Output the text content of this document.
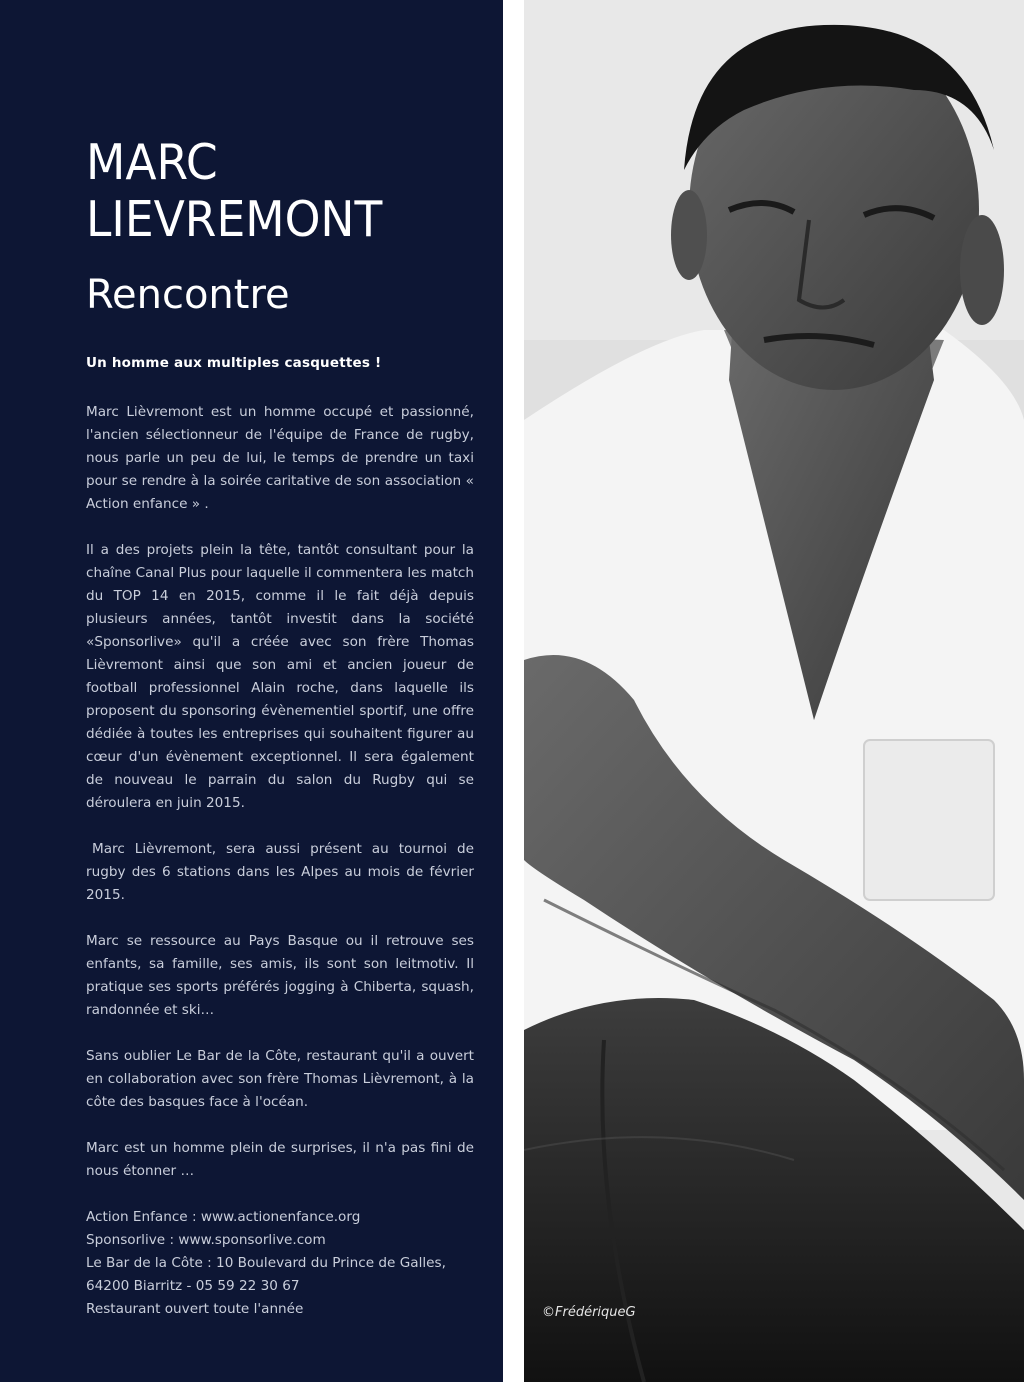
MARC
LIEVREMONT
Rencontre

Un homme aux multiples casquettes !

Marc Lièvremont est un homme occupé et passionné, l'ancien sélectionneur de l'équipe de France de rugby, nous parle un peu de lui, le temps de prendre un taxi pour se rendre à la soirée caritative de son association « Action enfance » .

Il a des projets plein la tête, tantôt consultant pour la chaîne Canal Plus pour laquelle il commentera les match du TOP 14 en 2015, comme il le fait déjà depuis plusieurs années, tantôt investit dans la société «Sponsorlive» qu'il a créée avec son frère Thomas Lièvremont ainsi que son ami et ancien joueur de football professionnel Alain roche, dans laquelle ils proposent du sponsoring évènementiel sportif, une offre dédiée à toutes les entreprises qui souhaitent figurer au cœur d'un évènement exceptionnel. Il sera également de nouveau le parrain du salon du Rugby qui se déroulera en juin 2015.

Marc Lièvremont, sera aussi présent au tournoi de rugby des 6 stations dans les Alpes au mois de février 2015.

Marc se ressource au Pays Basque ou il retrouve ses enfants, sa famille, ses amis, ils sont son leitmotiv. Il pratique ses sports préférés jogging à Chiberta, squash, randonnée et ski…

Sans oublier Le Bar de la Côte, restaurant qu'il a ouvert en collaboration avec son frère Thomas Lièvremont, à la côte des basques face à l'océan.

Marc est un homme plein de surprises, il n'a pas fini de nous étonner …

Action Enfance : www.actionenfance.org
Sponsorlive : www.sponsorlive.com
Le Bar de la Côte : 10 Boulevard du Prince de Galles,
64200 Biarritz - 05 59 22 30 67
Restaurant ouvert toute l'année	©FrédériqueG
